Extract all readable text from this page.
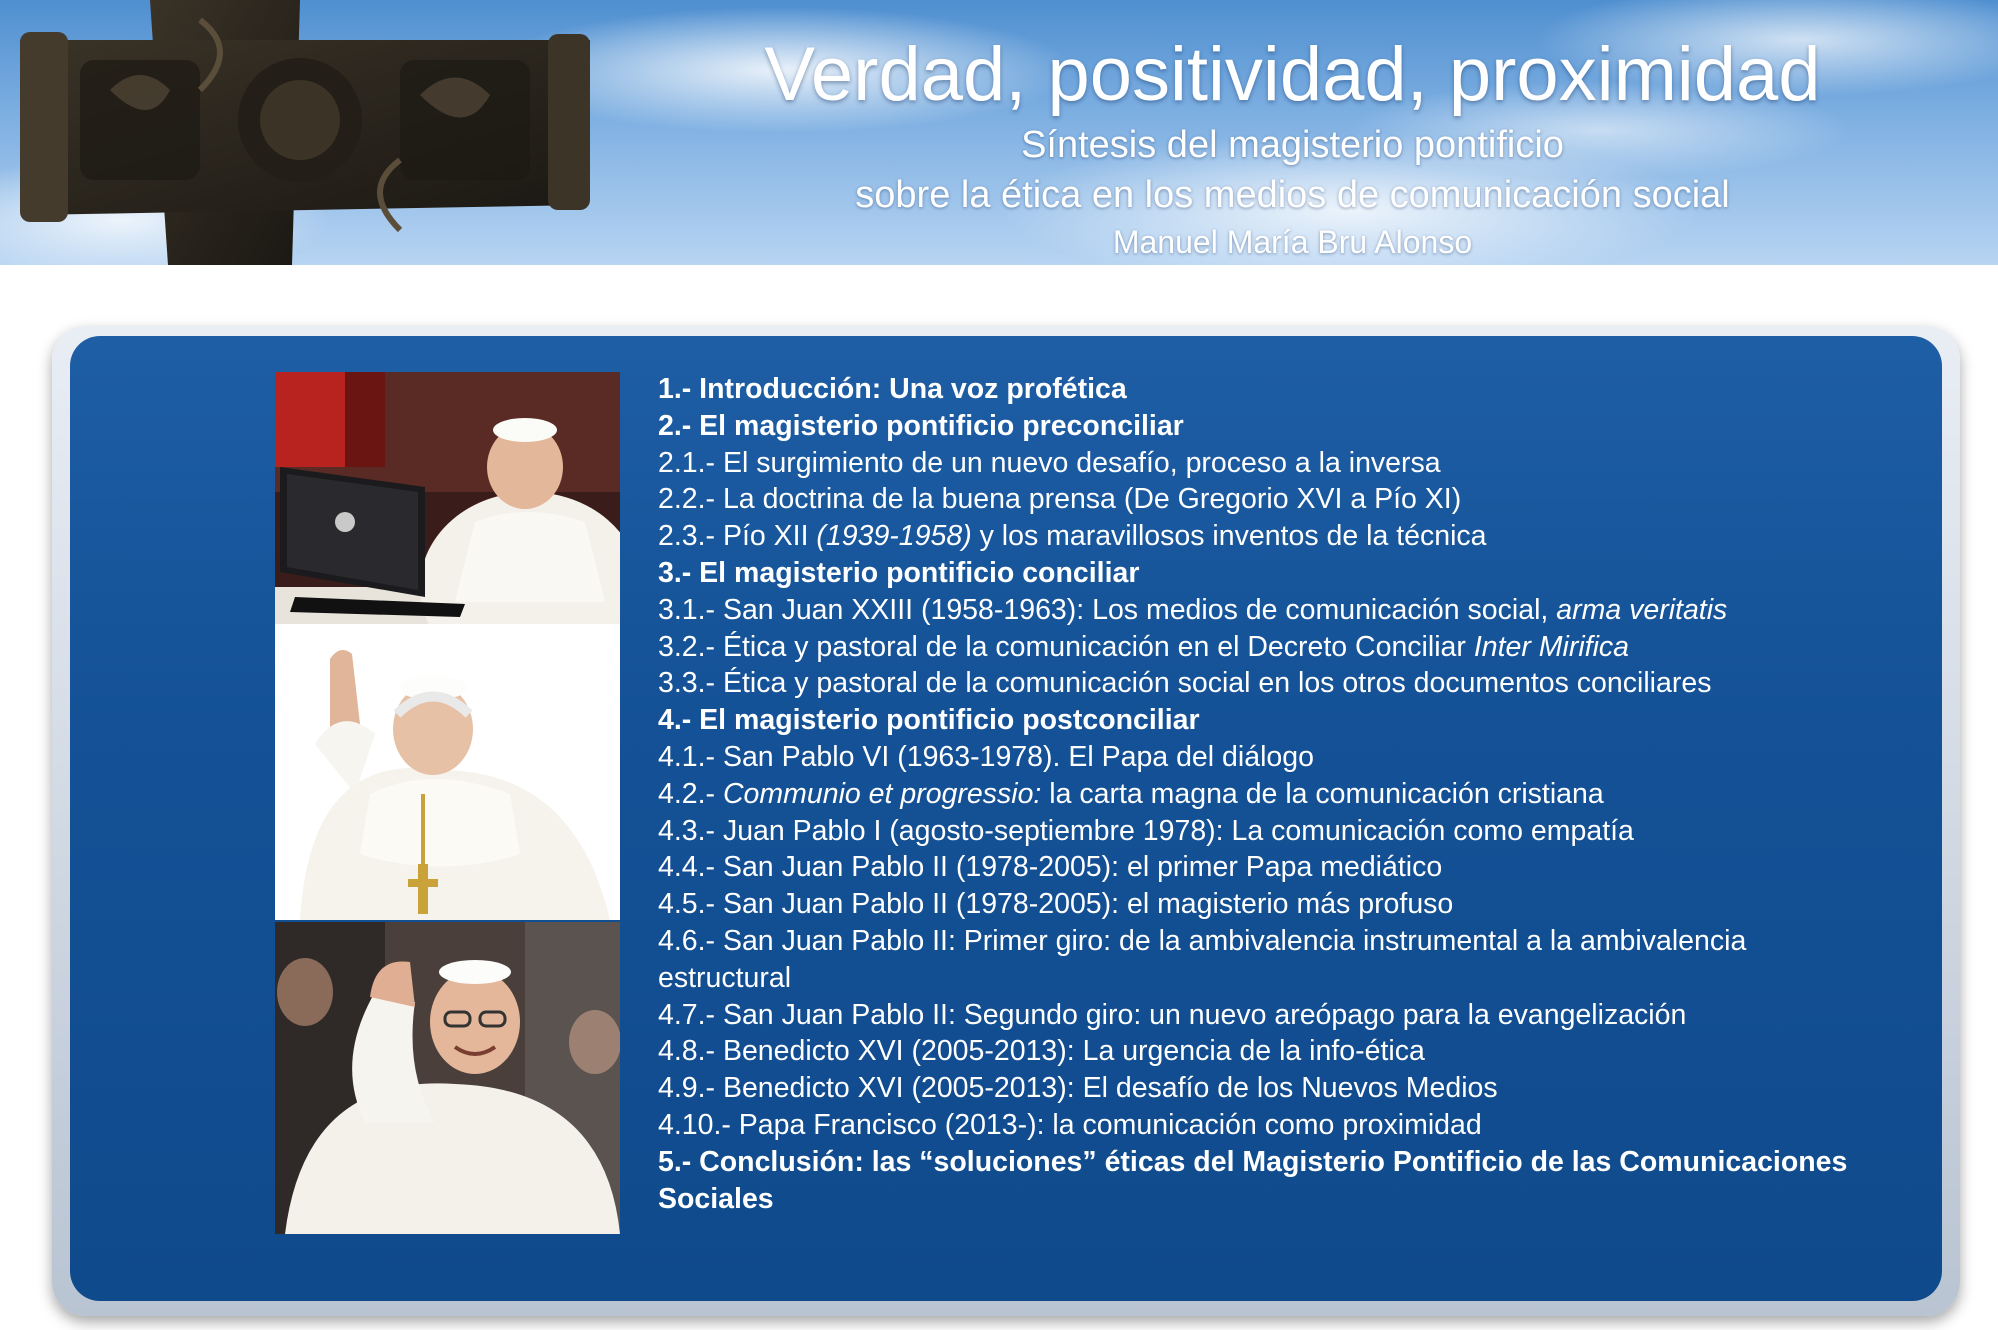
Verdad, positividad, proximidad
Síntesis del magisterio pontificio
sobre la ética en los medios de comunicación social
Manuel María Bru Alonso
1.- Introducción: Una voz profética
2.- El magisterio pontificio preconciliar
2.1.- El surgimiento de un nuevo desafío, proceso a la inversa
2.2.- La doctrina de la buena prensa (De Gregorio XVI a Pío XI)
2.3.- Pío XII (1939-1958) y los maravillosos inventos de la técnica
3.- El magisterio pontificio conciliar
3.1.- San Juan XXIII (1958-1963): Los medios de comunicación social, arma veritatis
3.2.- Ética y pastoral de la comunicación en el Decreto Conciliar Inter Mirifica
3.3.- Ética y pastoral de la comunicación social en los otros documentos conciliares
4.- El magisterio pontificio postconciliar
4.1.- San Pablo VI (1963-1978). El Papa del diálogo
4.2.- Communio et progressio: la carta magna de la comunicación cristiana
4.3.- Juan Pablo I (agosto-septiembre 1978): La comunicación como empatía
4.4.- San Juan Pablo II (1978-2005): el primer Papa mediático
4.5.- San Juan Pablo II (1978-2005): el magisterio más profuso
4.6.- San Juan Pablo II: Primer giro: de la ambivalencia instrumental a la ambivalencia estructural
4.7.- San Juan Pablo II: Segundo giro: un nuevo areópago para la evangelización
4.8.- Benedicto XVI (2005-2013): La urgencia de la info-ética
4.9.- Benedicto XVI (2005-2013): El desafío de los Nuevos Medios
4.10.- Papa Francisco (2013-): la comunicación como proximidad
5.- Conclusión: las “soluciones” éticas del Magisterio Pontificio de las Comunicaciones Sociales
